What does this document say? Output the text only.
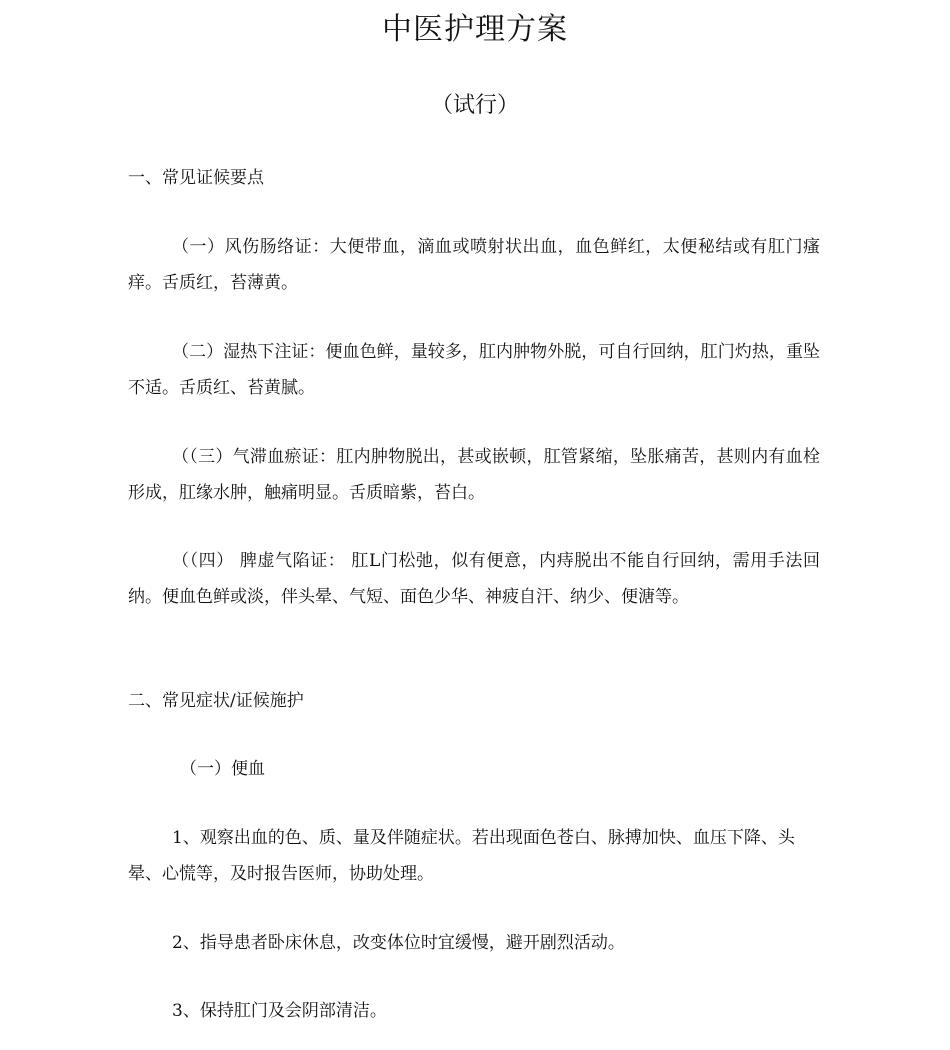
中医护理方案
（试行）
一、常见证候要点
（一）风伤肠络证：大便带血，滴血或喷射状出血，血色鲜红，太便秘结或有肛门瘙痒。舌质红，苔薄黄。
（二）湿热下注证：便血色鲜，量较多，肛内肿物外脱，可自行回纳，肛门灼热，重坠不适。舌质红、苔黄腻。
（（三）气滞血瘀证：肛内肿物脱出，甚或嵌顿，肛管紧缩，坠胀痛苦，甚则内有血栓形成，肛缘水肿，触痛明显。舌质暗紫，苔白。
（（四） 脾虚气陷证： 肛L门松弛，似有便意，内痔脱出不能自行回纳，需用手法回纳。便血色鲜或淡，伴头晕、气短、面色少华、神疲自汗、纳少、便溏等。
二、常见症状/证候施护
（一）便血
1、观察出血的色、质、量及伴随症状。若出现面色苍白、脉搏加快、血压下降、头晕、心慌等，及时报告医师，协助处理。
2、指导患者卧床休息，改变体位时宜缓慢，避开剧烈活动。
3、保持肛门及会阴部清洁。
